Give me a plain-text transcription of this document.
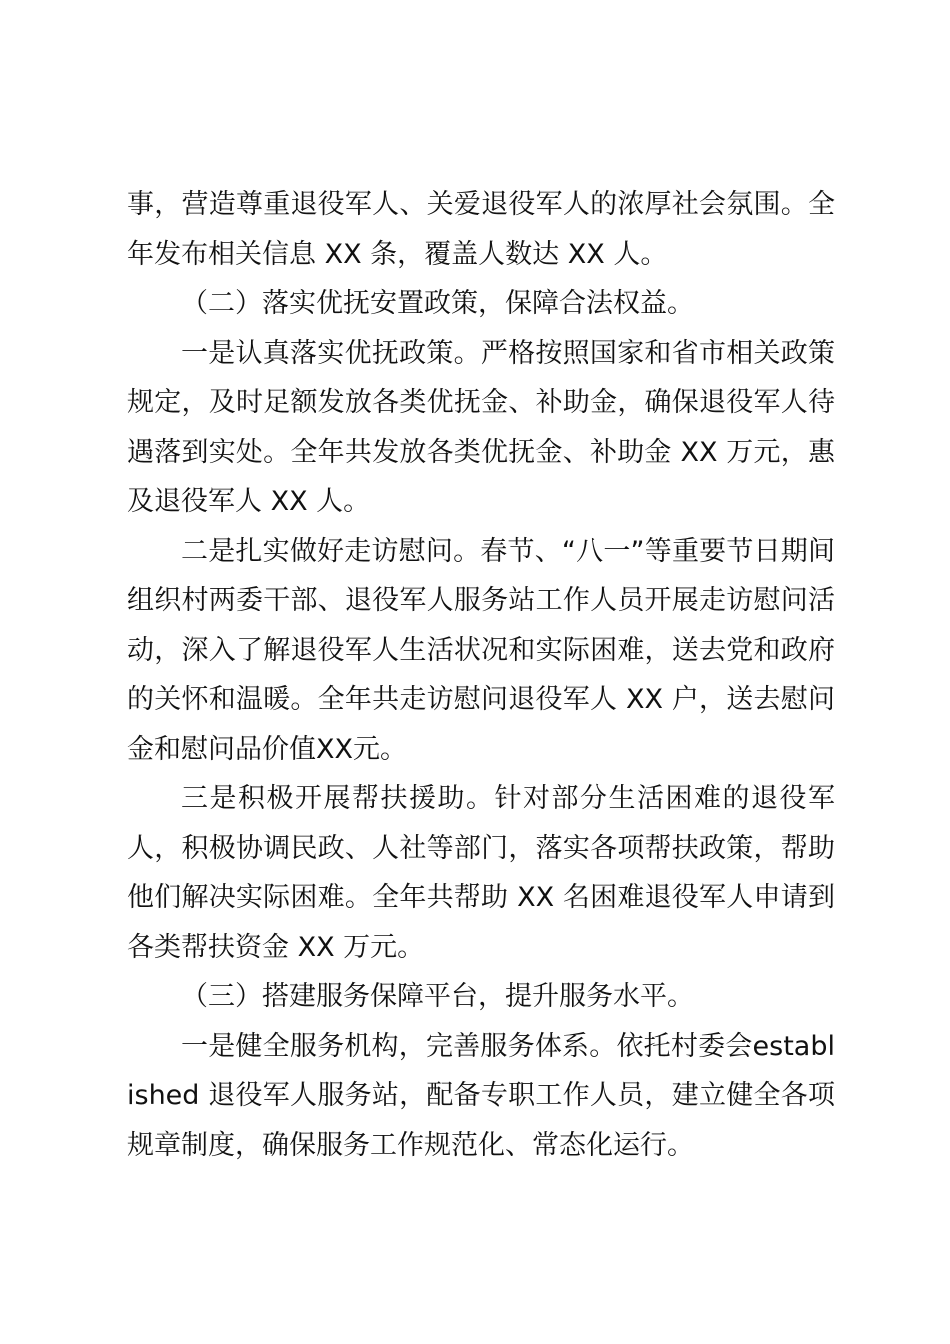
事，营造尊重退役军人、关爱退役军人的浓厚社会氛围。全年发布相关信息 XX 条，覆盖人数达 XX 人。

（二）落实优抚安置政策，保障合法权益。

一是认真落实优抚政策。严格按照国家和省市相关政策规定，及时足额发放各类优抚金、补助金，确保退役军人待遇落到实处。全年共发放各类优抚金、补助金 XX 万元，惠及退役军人 XX 人。

二是扎实做好走访慰问。春节、“八一”等重要节日期间组织村两委干部、退役军人服务站工作人员开展走访慰问活动，深入了解退役军人生活状况和实际困难，送去党和政府的关怀和温暖。全年共走访慰问退役军人 XX 户，送去慰问金和慰问品价值XX元。

三是积极开展帮扶援助。针对部分生活困难的退役军人，积极协调民政、人社等部门，落实各项帮扶政策，帮助他们解决实际困难。全年共帮助 XX 名困难退役军人申请到各类帮扶资金 XX 万元。

（三）搭建服务保障平台，提升服务水平。

一是健全服务机构，完善服务体系。依托村委会established 退役军人服务站，配备专职工作人员，建立健全各项规章制度，确保服务工作规范化、常态化运行。
